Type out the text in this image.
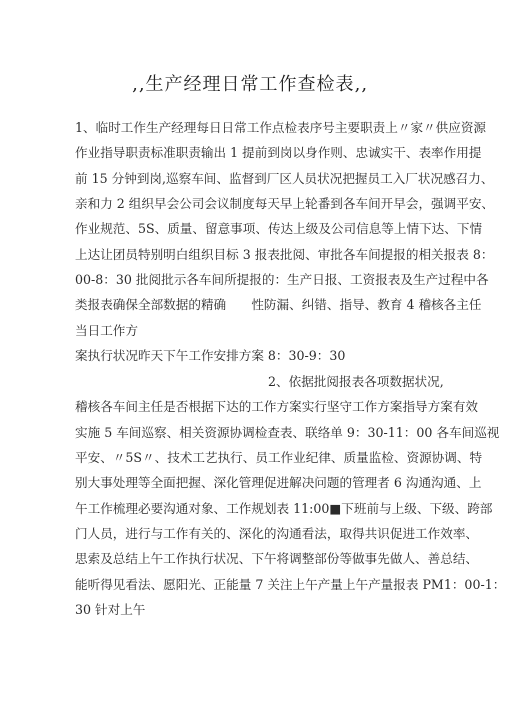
‚‚生产经理日常工作查检表‚‚
1、临时工作生产经理每日日常工作点检表序号主要职责上〃家〃供应资源
作业指导职责标准职责输出 1 提前到岗以身作则、忠诚实干、表率作用提
前 15 分钟到岗,巡察车间、监督到厂区人员状况把握员工入厂状况感召力、
亲和力 2 组织早会公司会议制度每天早上轮番到各车间开早会，强调平安、
作业规范、5S、质量、留意事项、传达上级及公司信息等上情下达、下情
上达让团员特别明白组织目标 3 报表批阅、审批各车间提报的相关报表 8：
00-8：30 批阅批示各车间所提报的：生产日报、工资报表及生产过程中各
类报表确保全部数据的精确　　性防漏、纠错、指导、教育 4 稽核各主任
当日工作方
案执行状况昨天下午工作安排方案 8：30-9：30
2、依据批阅报表各项数据状况,
稽核各车间主任是否根据下达的工作方案实行坚守工作方案指导方案有效
实施 5 车间巡察、相关资源协调检查表、联络单 9：30-11：00 各车间巡视
平安、〃5S〃、技术工艺执行、员工作业纪律、质量监检、资源协调、特
别大事处理等全面把握、深化管理促进解决问题的管理者 6 沟通沟通、上
午工作梳理必要沟通对象、工作规划表 11:00■下班前与上级、下级、跨部
门人员，进行与工作有关的、深化的沟通看法，取得共识促进工作效率、
思索及总结上午工作执行状况、下午将调整部份等做事先做人、善总结、
能听得见看法、愿阳光、正能量 7 关注上午产量上午产量报表 PM1：00-1：
30 针对上午
